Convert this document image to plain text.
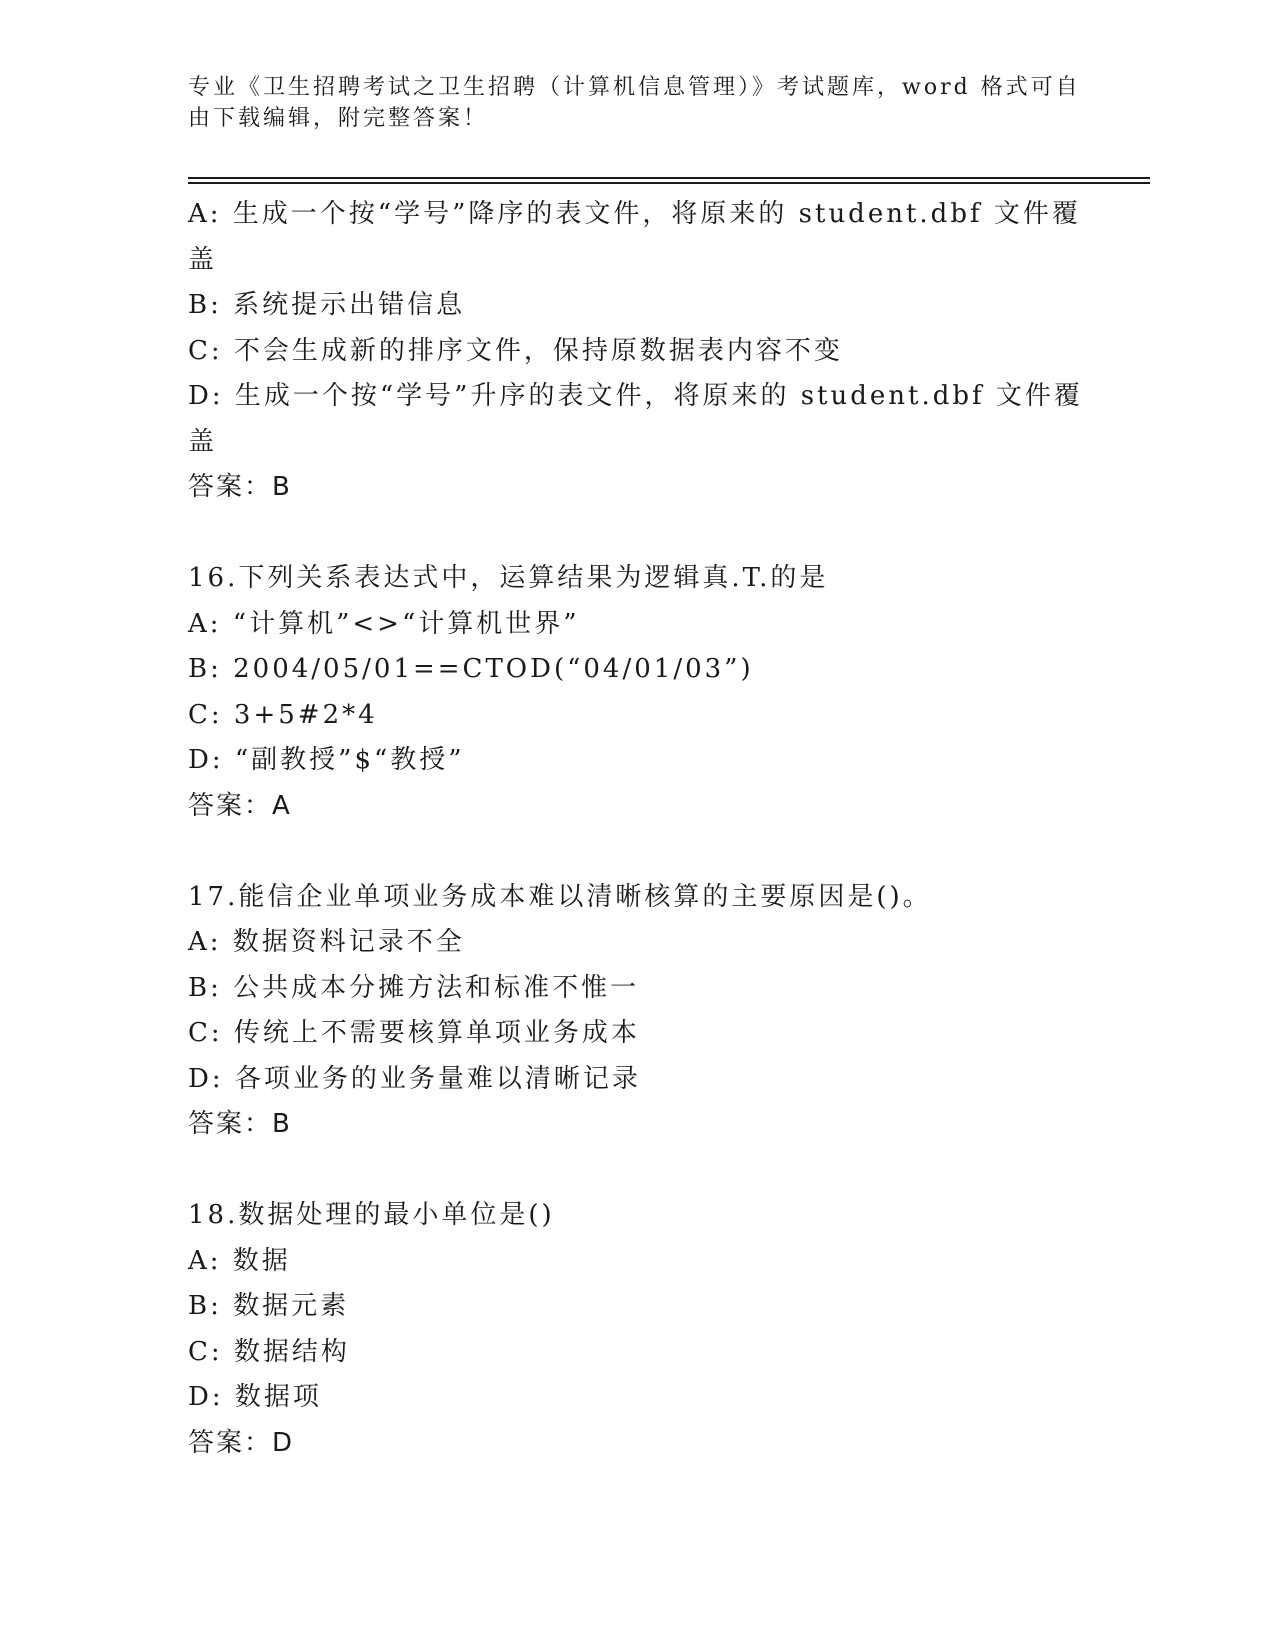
专业《卫生招聘考试之卫生招聘（计算机信息管理）》考试题库，word 格式可自
由下载编辑，附完整答案！
A: 生成一个按“学号”降序的表文件，将原来的 student.dbf 文件覆
盖
B: 系统提示出错信息
C: 不会生成新的排序文件，保持原数据表内容不变
D: 生成一个按“学号”升序的表文件，将原来的 student.dbf 文件覆
盖
答案：B
16.下列关系表达式中，运算结果为逻辑真.T.的是
A: “计算机”<>“计算机世界”
B: 2004/05/01==CTOD(“04/01/03”)
C: 3+5#2*4
D: “副教授”$“教授”
答案：A
17.能信企业单项业务成本难以清晰核算的主要原因是()。
A: 数据资料记录不全
B: 公共成本分摊方法和标准不惟一
C: 传统上不需要核算单项业务成本
D: 各项业务的业务量难以清晰记录
答案：B
18.数据处理的最小单位是()
A: 数据
B: 数据元素
C: 数据结构
D: 数据项
答案：D
